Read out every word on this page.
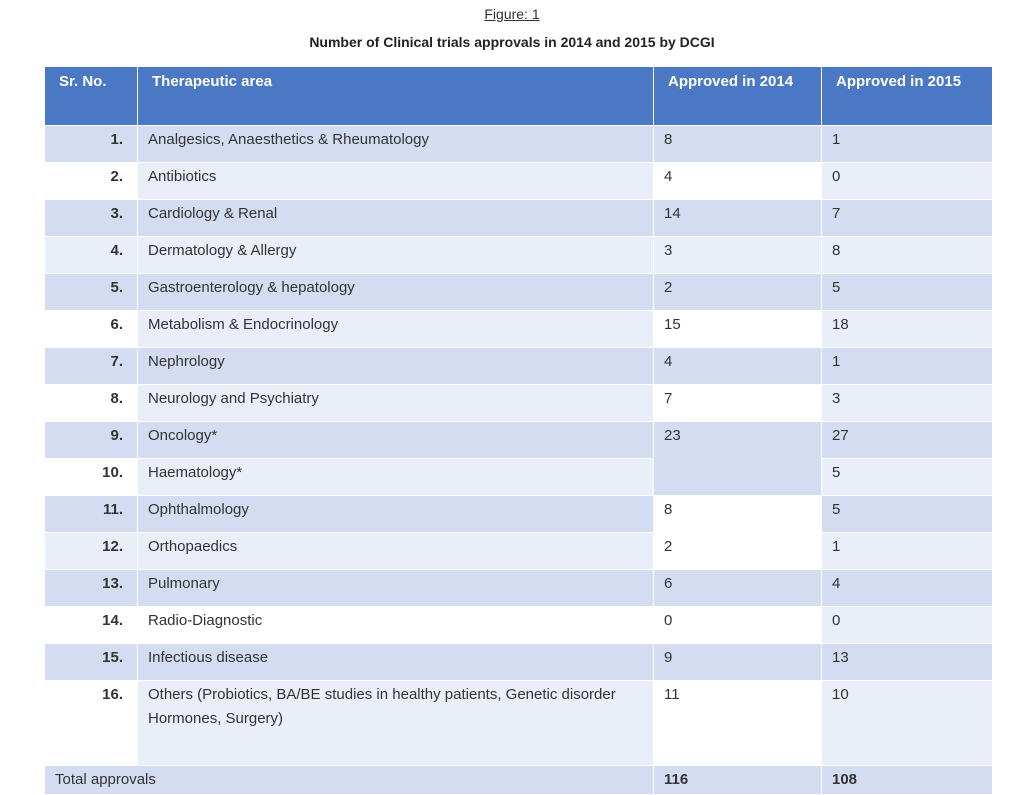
Figure: 1
Number of Clinical trials approvals in 2014 and 2015 by DCGI
Sr. No.	Therapeutic area	Approved in 2014	Approved in 2015
1.	Analgesics, Anaesthetics & Rheumatology	8	1
2.	Antibiotics	4	0
3.	Cardiology & Renal	14	7
4.	Dermatology & Allergy	3	8
5.	Gastroenterology & hepatology	2	5
6.	Metabolism & Endocrinology	15	18
7.	Nephrology	4	1
8.	Neurology and Psychiatry	7	3
9.	Oncology*	23	27
10.	Haematology*		5
11.	Ophthalmology	8	5
12.	Orthopaedics	2	1
13.	Pulmonary	6	4
14.	Radio-Diagnostic	0	0
15.	Infectious disease	9	13
16.	Others (Probiotics, BA/BE studies in healthy patients, Genetic disorder Hormones, Surgery)	11	10
Total approvals		116	108
